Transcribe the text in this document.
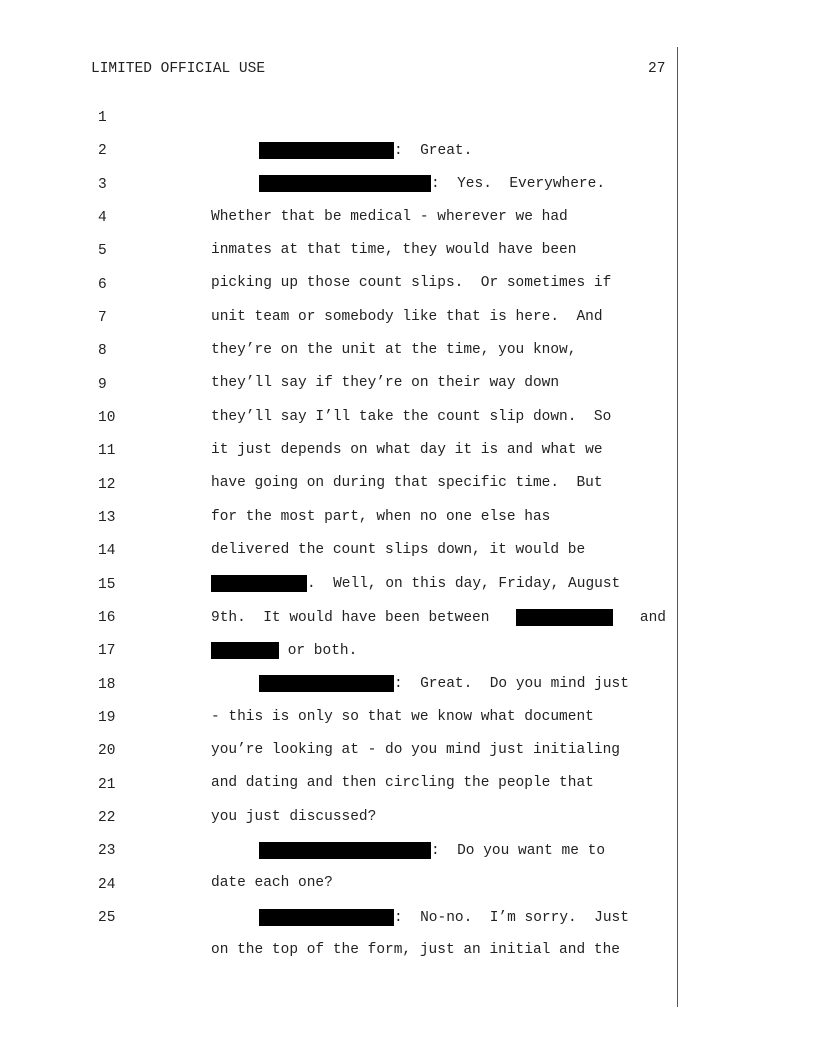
LIMITED OFFICIAL USE	27

1

:  Great.

2

:  Yes.  Everywhere.

3

Whether that be medical - wherever we had

4

inmates at that time, they would have been

5

picking up those count slips.  Or sometimes if

6

unit team or somebody like that is here.  And

7

they’re on the unit at the time, you know,

8

they’ll say if they’re on their way down

9

they’ll say I’ll take the count slip down.  So

10

it just depends on what day it is and what we

11

have going on during that specific time.  But

12

for the most part, when no one else has

13

delivered the count slips down, it would be

14

.  Well, on this day, Friday, August

15

9th.  It would have been between	and

16

or both.

17

:  Great.  Do you mind just

18

- this is only so that we know what document

19

you’re looking at - do you mind just initialing

20

and dating and then circling the people that

21

you just discussed?

22

:  Do you want me to

23

date each one?

24

:  No-no.  I’m sorry.  Just

25

on the top of the form, just an initial and the
